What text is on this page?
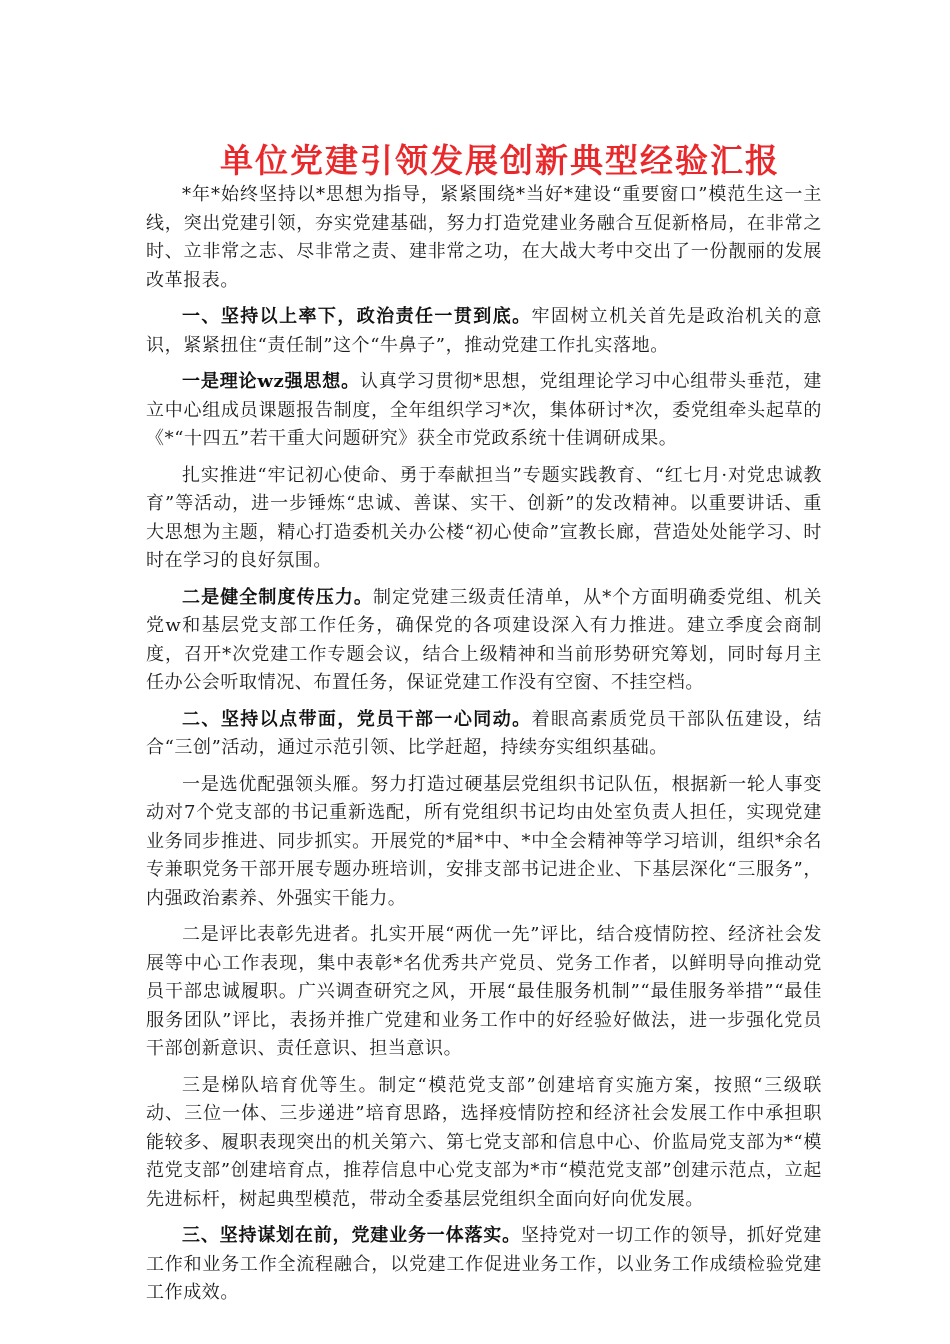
单位党建引领发展创新典型经验汇报

*年*始终坚持以*思想为指导，紧紧围绕*当好*建设“重要窗口”模范生这一主线，突出党建引领，夯实党建基础，努力打造党建业务融合互促新格局，在非常之时、立非常之志、尽非常之责、建非常之功，在大战大考中交出了一份靓丽的发展改革报表。

一、坚持以上率下，政治责任一贯到底。牢固树立机关首先是政治机关的意识，紧紧扭住“责任制”这个“牛鼻子”，推动党建工作扎实落地。

一是理论wz强思想。认真学习贯彻*思想，党组理论学习中心组带头垂范，建立中心组成员课题报告制度，全年组织学习*次，集体研讨*次，委党组牵头起草的《*“十四五”若干重大问题研究》获全市党政系统十佳调研成果。

扎实推进“牢记初心使命、勇于奉献担当”专题实践教育、“红七月·对党忠诚教育”等活动，进一步锤炼“忠诚、善谋、实干、创新”的发改精神。以重要讲话、重大思想为主题，精心打造委机关办公楼“初心使命”宣教长廊，营造处处能学习、时时在学习的良好氛围。

二是健全制度传压力。制定党建三级责任清单，从*个方面明确委党组、机关党w和基层党支部工作任务，确保党的各项建设深入有力推进。建立季度会商制度，召开*次党建工作专题会议，结合上级精神和当前形势研究筹划，同时每月主任办公会听取情况、布置任务，保证党建工作没有空窗、不挂空档。

二、坚持以点带面，党员干部一心同动。着眼高素质党员干部队伍建设，结合“三创”活动，通过示范引领、比学赶超，持续夯实组织基础。

一是选优配强领头雁。努力打造过硬基层党组织书记队伍，根据新一轮人事变动对7个党支部的书记重新选配，所有党组织书记均由处室负责人担任，实现党建业务同步推进、同步抓实。开展党的*届*中、*中全会精神等学习培训，组织*余名专兼职党务干部开展专题办班培训，安排支部书记进企业、下基层深化“三服务”，内强政治素养、外强实干能力。

二是评比表彰先进者。扎实开展“两优一先”评比，结合疫情防控、经济社会发展等中心工作表现，集中表彰*名优秀共产党员、党务工作者，以鲜明导向推动党员干部忠诚履职。广兴调查研究之风，开展“最佳服务机制”“最佳服务举措”“最佳服务团队”评比，表扬并推广党建和业务工作中的好经验好做法，进一步强化党员干部创新意识、责任意识、担当意识。

三是梯队培育优等生。制定“模范党支部”创建培育实施方案，按照“三级联动、三位一体、三步递进”培育思路，选择疫情防控和经济社会发展工作中承担职能较多、履职表现突出的机关第六、第七党支部和信息中心、价监局党支部为*“模范党支部”创建培育点，推荐信息中心党支部为*市“模范党支部”创建示范点，立起先进标杆，树起典型模范，带动全委基层党组织全面向好向优发展。

三、坚持谋划在前，党建业务一体落实。坚持党对一切工作的领导，抓好党建工作和业务工作全流程融合，以党建工作促进业务工作，以业务工作成绩检验党建工作成效。
